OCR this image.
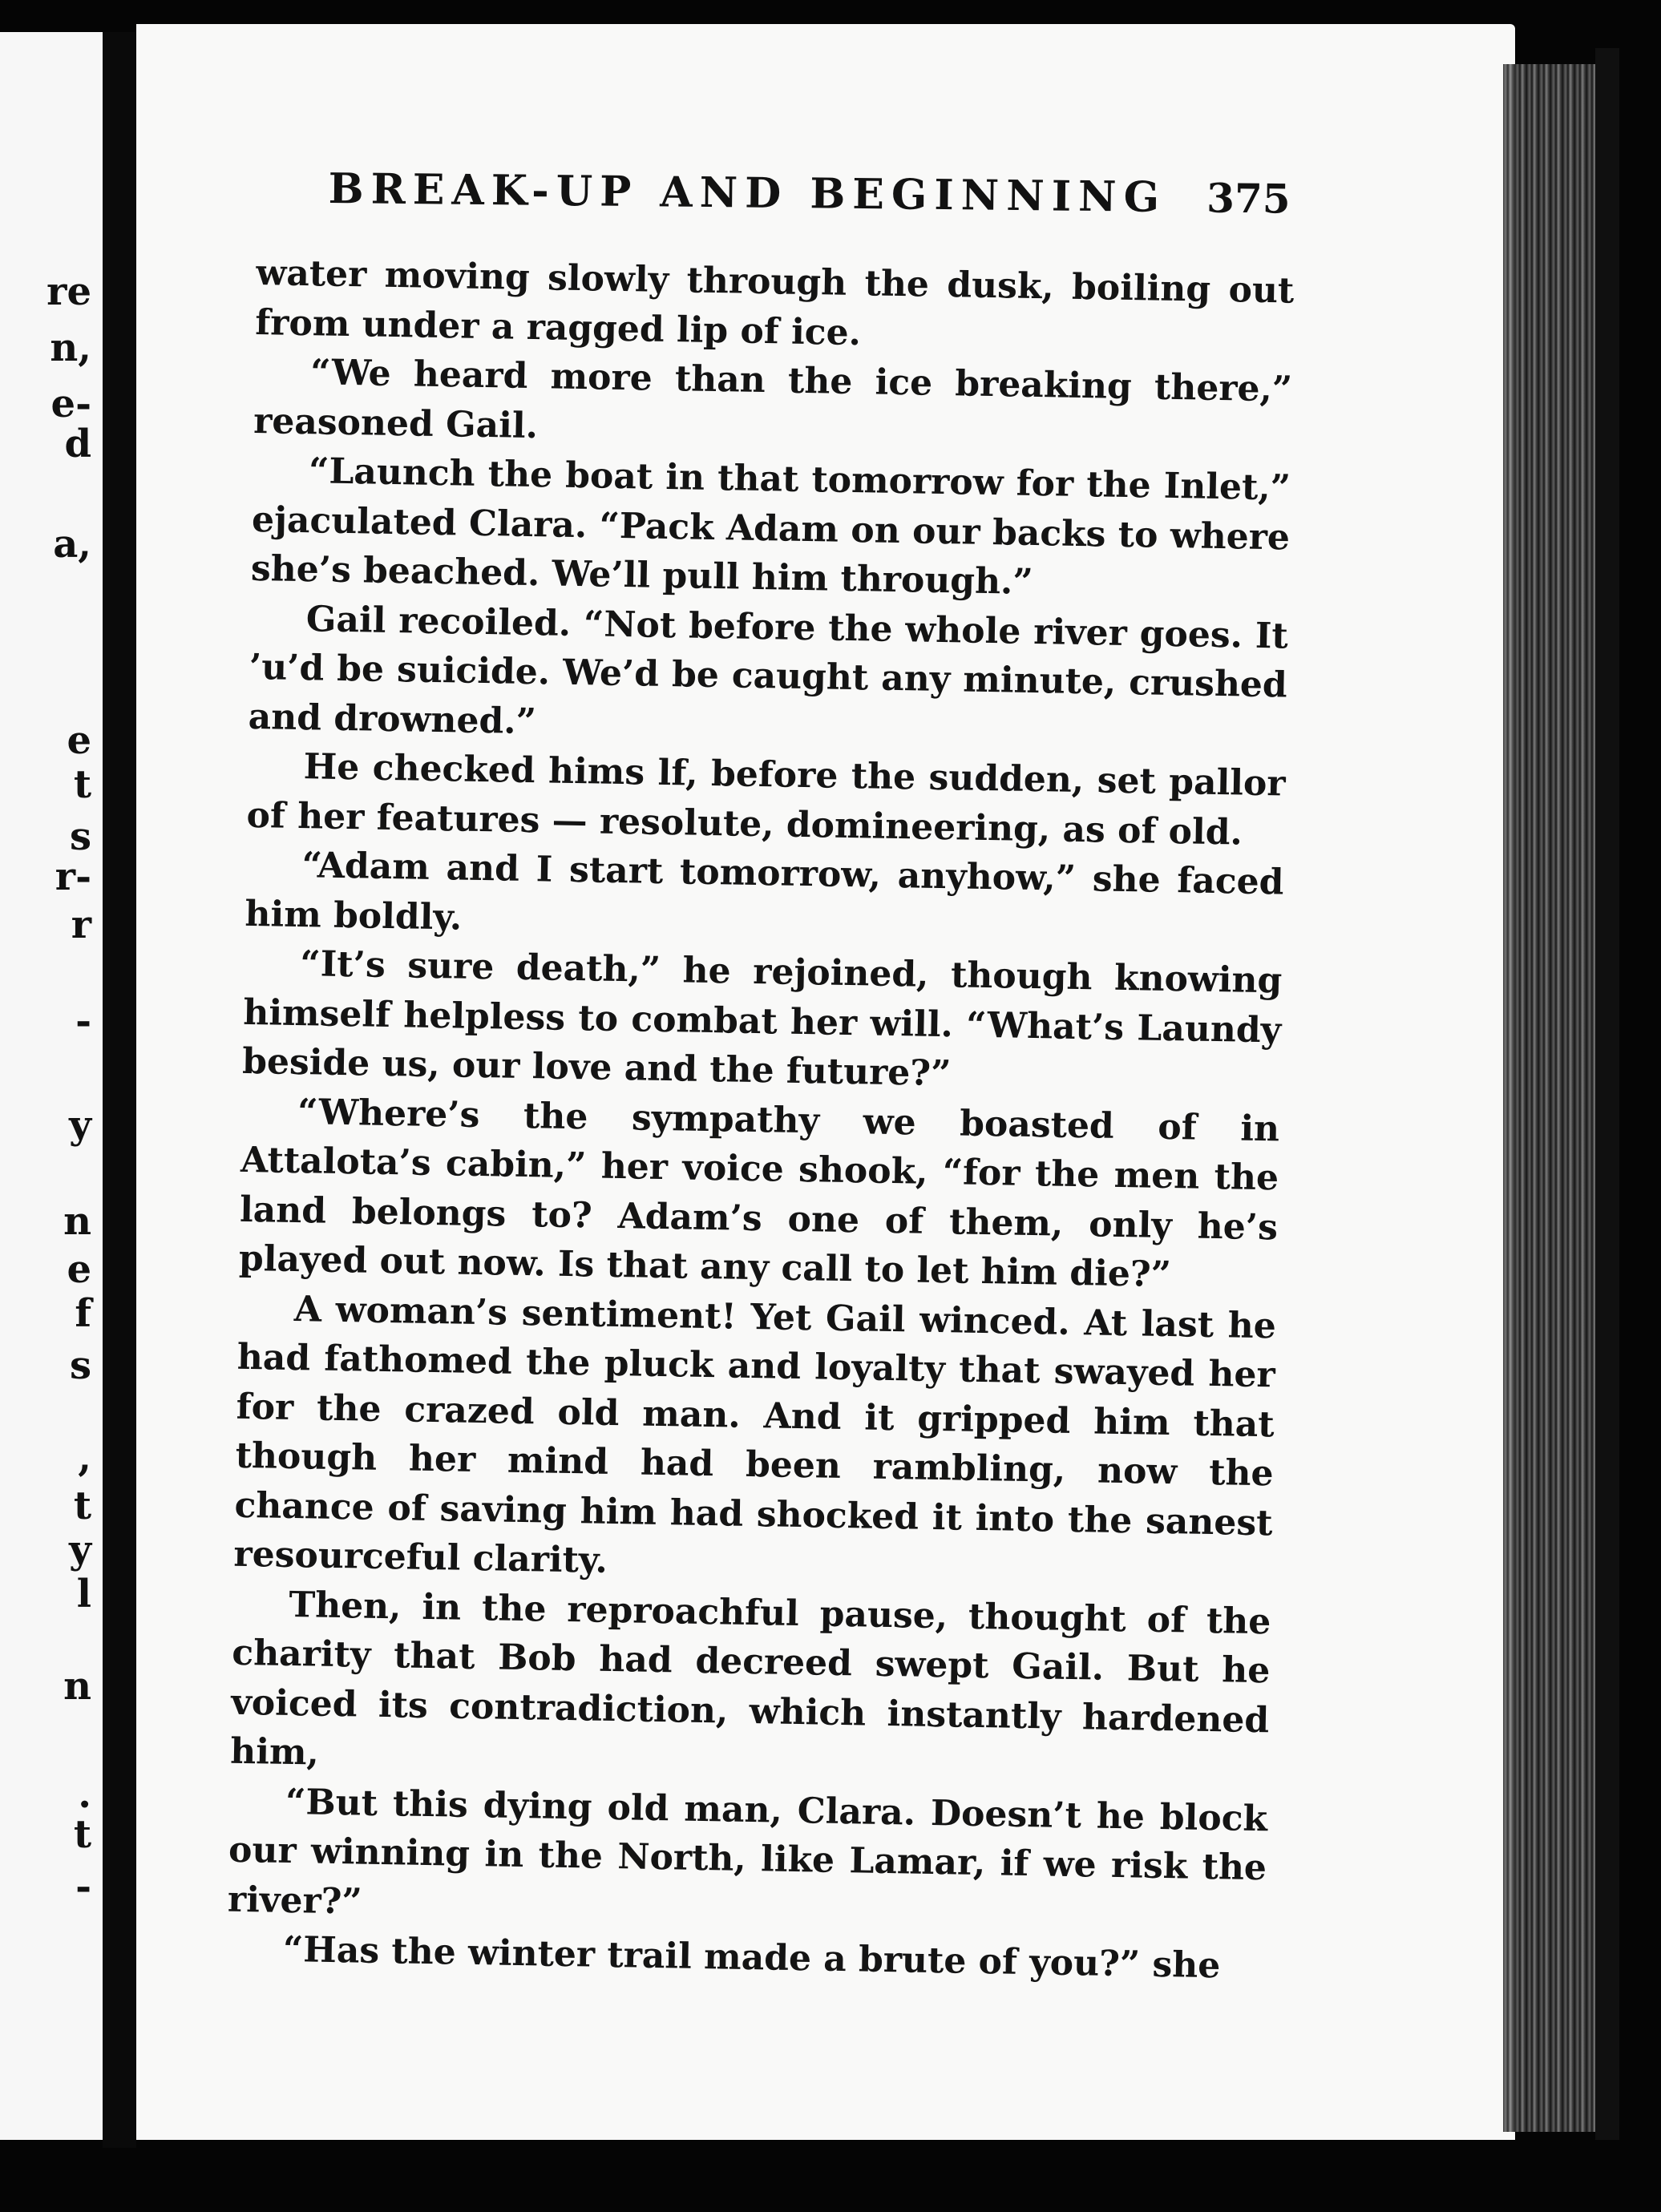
re
n,
e-
d
a,
e
t
s
r-
r
-
y
n
e
f
s
,
t
y
l
n
.
t
-
BREAK-UP AND BEGINNING 375

water moving slowly through the dusk, boiling out from under a ragged lip of ice.

“We heard more than the ice breaking there,” reasoned Gail.

“Launch the boat in that tomorrow for the Inlet,” ejaculated Clara. “Pack Adam on our backs to where she’s beached. We’ll pull him through.”

Gail recoiled. “Not before the whole river goes. It ’u’d be suicide. We’d be caught any minute, crushed and drowned.”

He checked hims lf, before the sudden, set pallor of her features — resolute, domineering, as of old.

“Adam and I start tomorrow, anyhow,” she faced him boldly.

“It’s sure death,” he rejoined, though knowing himself helpless to combat her will. “What’s Laundy beside us, our love and the future?”

“Where’s the sympathy we boasted of in Attalota’s cabin,” her voice shook, “for the men the land belongs to? Adam’s one of them, only he’s played out now. Is that any call to let him die?”

A woman’s sentiment! Yet Gail winced. At last he had fathomed the pluck and loyalty that swayed her for the crazed old man. And it gripped him that though her mind had been rambling, now the chance of saving him had shocked it into the sanest resourceful clarity.

Then, in the reproachful pause, thought of the charity that Bob had decreed swept Gail. But he voiced its contradiction, which instantly hardened him,

“But this dying old man, Clara. Doesn’t he block our winning in the North, like Lamar, if we risk the river?”

“Has the winter trail made a brute of you?” she
